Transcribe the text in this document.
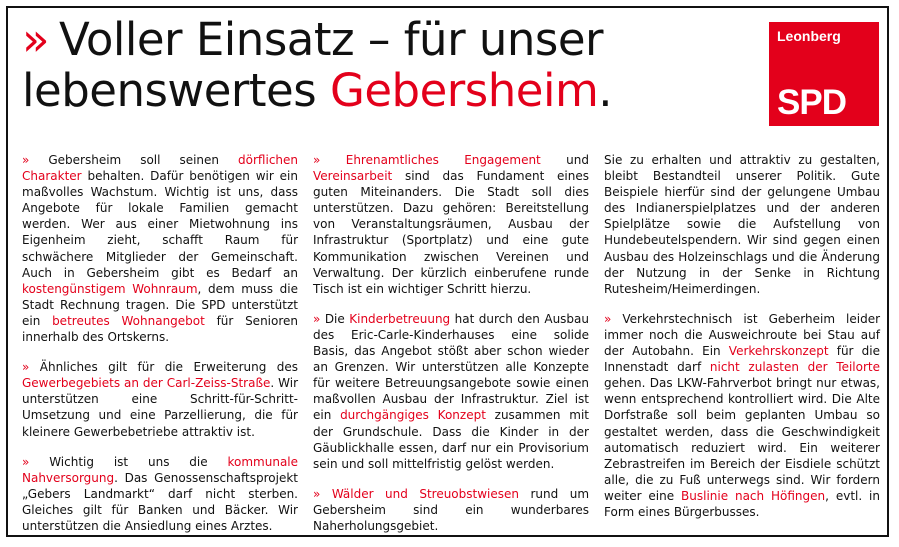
» Voller Einsatz – für unser
lebenswertes Gebersheim.
Leonberg
SPD

» Gebersheim soll seinen dörflichen Charakter behalten. Dafür benötigen wir ein maßvolles Wachstum. Wichtig ist uns, dass Angebote für lokale Familien gemacht werden. Wer aus einer Mietwohnung ins Eigenheim zieht, schafft Raum für schwächere Mitglieder der Gemeinschaft. Auch in Gebersheim gibt es Bedarf an kostengünstigem Wohnraum, dem muss die Stadt Rechnung tragen. Die SPD unterstützt ein betreutes Wohnangebot für Senioren innerhalb des Ortskerns.

» Ähnliches gilt für die Erweiterung des Gewerbegebiets an der Carl-Zeiss-Straße. Wir unterstützen eine Schritt-für-Schritt-Umsetzung und eine Parzellierung, die für kleinere Gewerbebetriebe attraktiv ist.

» Wichtig ist uns die kommunale Nahversorgung. Das Genossenschaftsprojekt „Gebers Landmarkt“ darf nicht sterben. Gleiches gilt für Banken und Bäcker. Wir unterstützen die Ansiedlung eines Arztes.

» Ehrenamtliches Engagement und Vereinsarbeit sind das Fundament eines guten Miteinanders. Die Stadt soll dies unterstützen. Dazu gehören: Bereitstellung von Veranstaltungsräumen, Ausbau der Infrastruktur (Sportplatz) und eine gute Kommunikation zwischen Vereinen und Verwaltung. Der kürzlich einberufene runde Tisch ist ein wichtiger Schritt hierzu.

» Die Kinderbetreuung hat durch den Ausbau des Eric-Carle-Kinderhauses eine solide Basis, das Angebot stößt aber schon wieder an Grenzen. Wir unterstützen alle Konzepte für weitere Betreuungsangebote sowie einen maßvollen Ausbau der Infrastruktur. Ziel ist ein durchgängiges Konzept zusammen mit der Grundschule. Dass die Kinder in der Gäublickhalle essen, darf nur ein Provisorium sein und soll mittelfristig gelöst werden.

» Wälder und Streuobstwiesen rund um Gebersheim sind ein wunderbares Naherholungsgebiet.

Sie zu erhalten und attraktiv zu gestalten, bleibt Bestandteil unserer Politik. Gute Beispiele hierfür sind der gelungene Umbau des Indianerspielplatzes und der anderen Spielplätze sowie die Aufstellung von Hundebeutelspendern. Wir sind gegen einen Ausbau des Holzeinschlags und die Änderung der Nutzung in der Senke in Richtung Rutesheim/Heimerdingen.

» Verkehrstechnisch ist Geberheim leider immer noch die Ausweichroute bei Stau auf der Autobahn. Ein Verkehrskonzept für die Innenstadt darf nicht zulasten der Teilorte gehen. Das LKW-Fahrverbot bringt nur etwas, wenn entsprechend kontrolliert wird. Die Alte Dorfstraße soll beim geplanten Umbau so gestaltet werden, dass die Geschwindigkeit automatisch reduziert wird. Ein weiterer Zebrastreifen im Bereich der Eisdiele schützt alle, die zu Fuß unterwegs sind. Wir fordern weiter eine Buslinie nach Höfingen, evtl. in Form eines Bürgerbusses.
